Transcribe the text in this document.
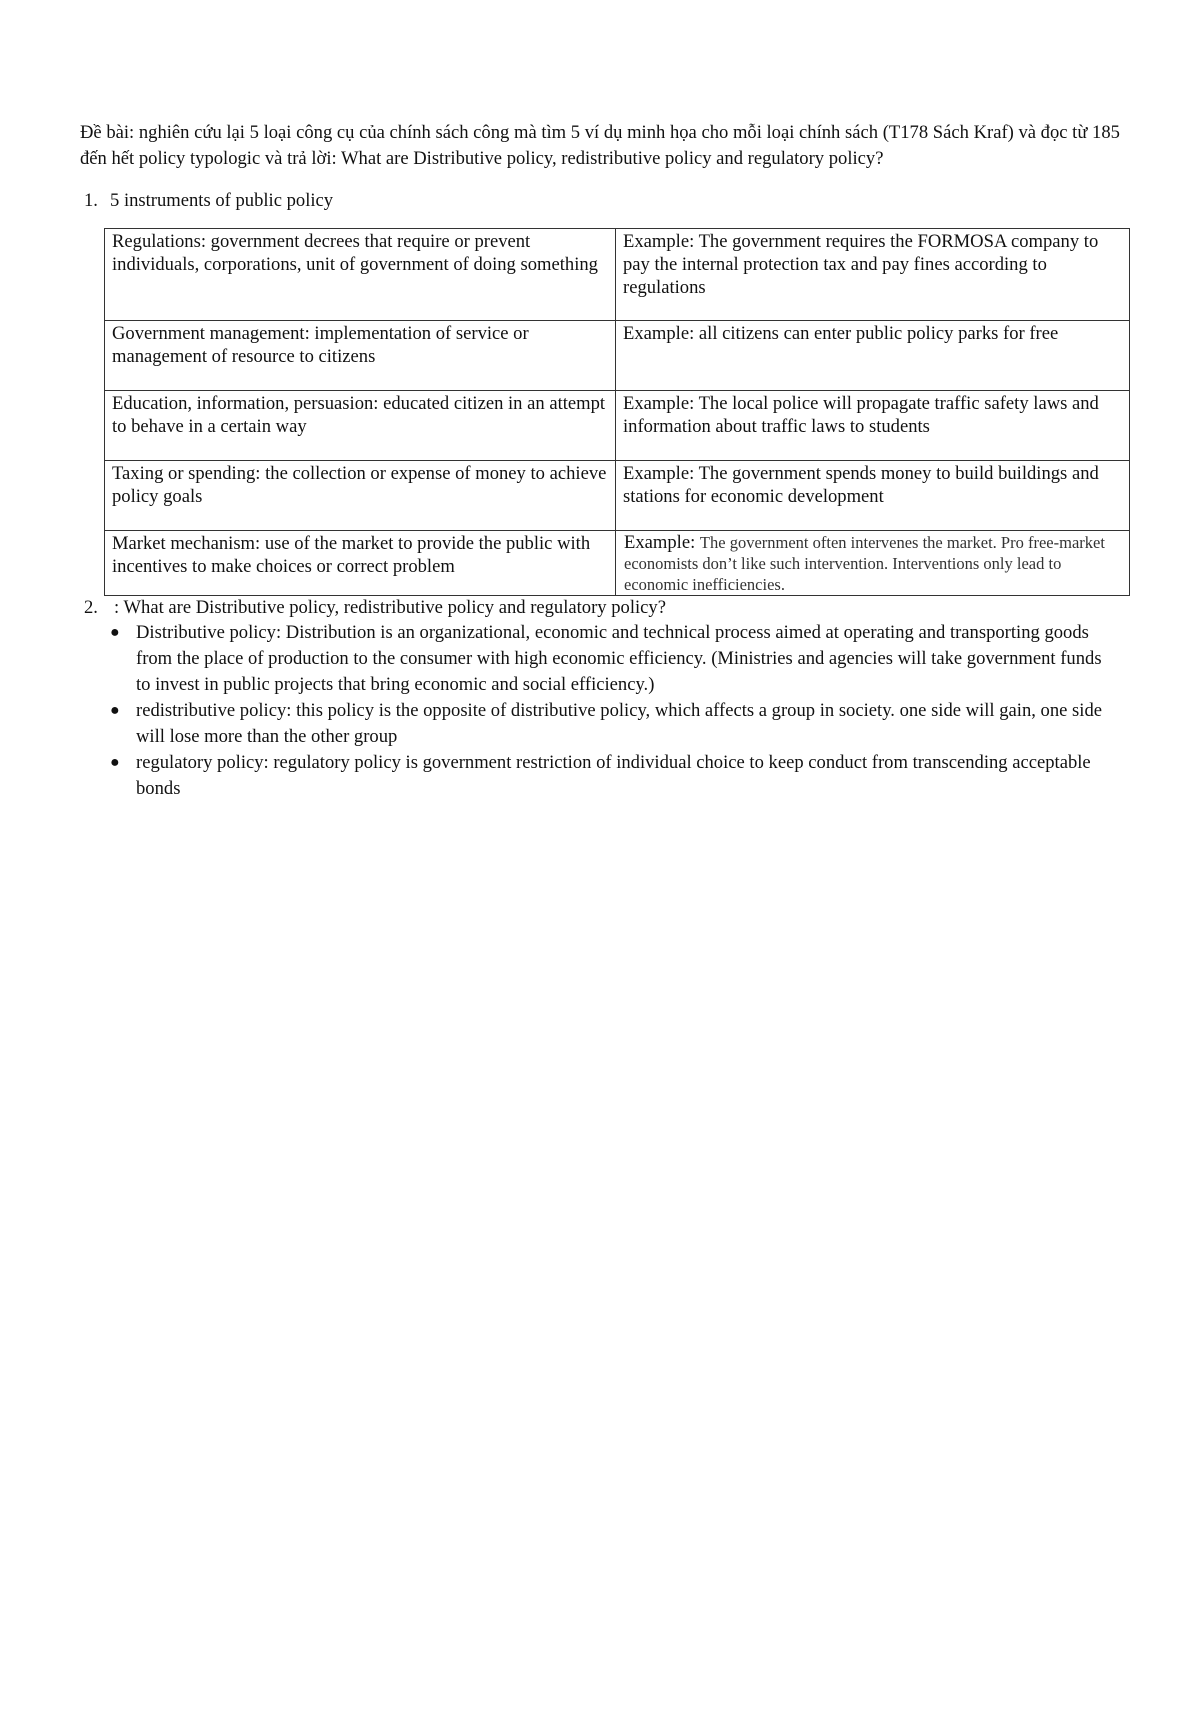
Đề bài: nghiên cứu lại 5 loại công cụ của chính sách công mà tìm 5 ví dụ minh họa cho mỗi loại chính sách (T178 Sách Kraf) và đọc từ 185 đến hết policy typologic và trả lời: What are Distributive policy, redistributive policy and regulatory policy?

1. 5 instruments of public policy
Regulations: government decrees that require or prevent individuals, corporations, unit of government of doing something	Example: The government requires the FORMOSA company to pay the internal protection tax and pay fines according to regulations
Government management: implementation of service or management of resource to citizens	Example: all citizens can enter public policy parks for free
Education, information, persuasion: educated citizen in an attempt to behave in a certain way	Example: The local police will propagate traffic safety laws and information about traffic laws to students
Taxing or spending: the collection or expense of money to achieve policy goals	Example: The government spends money to build buildings and stations for economic development
Market mechanism: use of the market to provide the public with incentives to make choices or correct problem	Example: The government often intervenes the market. Pro free-market economists don’t like such intervention. Interventions only lead to economic inefficiencies.
2. : What are Distributive policy, redistributive policy and regulatory policy?
● Distributive policy: Distribution is an organizational, economic and technical process aimed at operating and transporting goods from the place of production to the consumer with high economic efficiency. (Ministries and agencies will take government funds to invest in public projects that bring economic and social efficiency.)
● redistributive policy: this policy is the opposite of distributive policy, which affects a group in society. one side will gain, one side will lose more than the other group
● regulatory policy: regulatory policy is government restriction of individual choice to keep conduct from transcending acceptable bonds
